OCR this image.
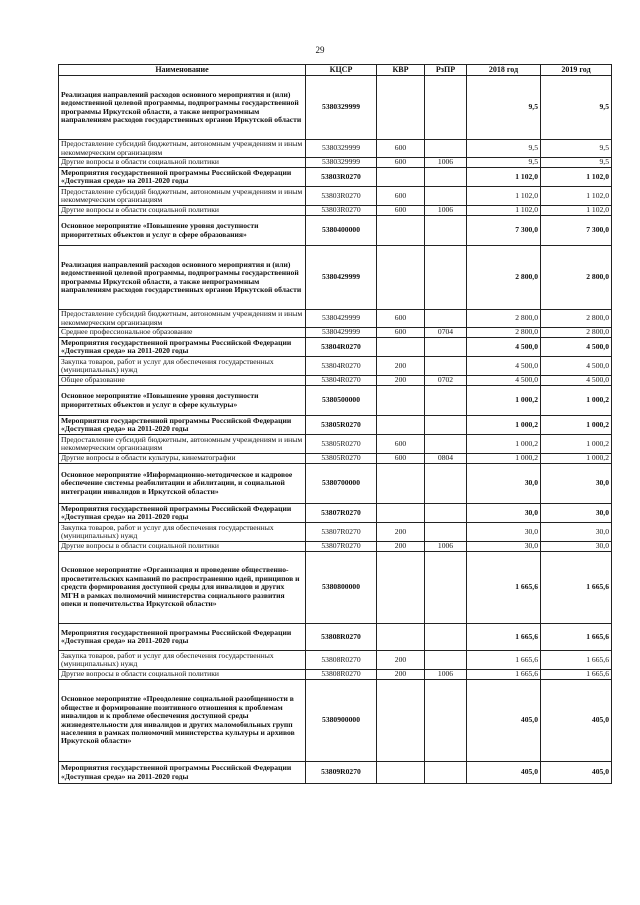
29
Наименование	КЦСР	КВР	РзПР	2018 год	2019 год
Реализация направлений расходов основного мероприятия и (или) ведомственной целевой программы, подпрограммы государственной программы Иркутской области, а также непрограммным направлениям расходов государственных органов Иркутской области	5380329999			9,5	9,5
Предоставление субсидий бюджетным, автономным учреждениям и иным некоммерческим организациям	5380329999	600		9,5	9,5
Другие вопросы в области социальной политики	5380329999	600	1006	9,5	9,5
Мероприятия государственной программы Российской Федерации «Доступная среда» на 2011-2020 годы	53803R0270			1 102,0	1 102,0
Предоставление субсидий бюджетным, автономным учреждениям и иным некоммерческим организациям	53803R0270	600		1 102,0	1 102,0
Другие вопросы в области социальной политики	53803R0270	600	1006	1 102,0	1 102,0
Основное мероприятие «Повышение уровня доступности приоритетных объектов и услуг в сфере образования»	5380400000			7 300,0	7 300,0
Реализация направлений расходов основного мероприятия и (или) ведомственной целевой программы, подпрограммы государственной программы Иркутской области, а также непрограммным направлениям расходов государственных органов Иркутской области	5380429999			2 800,0	2 800,0
Предоставление субсидий бюджетным, автономным учреждениям и иным некоммерческим организациям	5380429999	600		2 800,0	2 800,0
Среднее профессиональное образование	5380429999	600	0704	2 800,0	2 800,0
Мероприятия государственной программы Российской Федерации «Доступная среда» на 2011-2020 годы	53804R0270			4 500,0	4 500,0
Закупка товаров, работ и услуг для обеспечения государственных (муниципальных) нужд	53804R0270	200		4 500,0	4 500,0
Общее образование	53804R0270	200	0702	4 500,0	4 500,0
Основное мероприятие «Повышение уровня доступности приоритетных объектов и услуг в сфере культуры»	5380500000			1 000,2	1 000,2
Мероприятия государственной программы Российской Федерации «Доступная среда» на 2011-2020 годы	53805R0270			1 000,2	1 000,2
Предоставление субсидий бюджетным, автономным учреждениям и иным некоммерческим организациям	53805R0270	600		1 000,2	1 000,2
Другие вопросы в области культуры, кинематографии	53805R0270	600	0804	1 000,2	1 000,2
Основное мероприятие «Информационно-методическое и кадровое обеспечение системы реабилитации и абилитации, и социальной интеграции инвалидов в Иркутской области»	5380700000			30,0	30,0
Мероприятия государственной программы Российской Федерации «Доступная среда» на 2011-2020 годы	53807R0270			30,0	30,0
Закупка товаров, работ и услуг для обеспечения государственных (муниципальных) нужд	53807R0270	200		30,0	30,0
Другие вопросы в области социальной политики	53807R0270	200	1006	30,0	30,0
Основное мероприятие «Организация и проведение общественно-просветительских кампаний по распространению идей, принципов и средств формирования доступной среды для инвалидов и других МГН в рамках полномочий министерства социального развития опеки и попечительства Иркутской области»	5380800000			1 665,6	1 665,6
Мероприятия государственной программы Российской Федерации «Доступная среда» на 2011-2020 годы	53808R0270			1 665,6	1 665,6
Закупка товаров, работ и услуг для обеспечения государственных (муниципальных) нужд	53808R0270	200		1 665,6	1 665,6
Другие вопросы в области социальной политики	53808R0270	200	1006	1 665,6	1 665,6
Основное мероприятие «Преодоление социальной разобщенности в обществе и формирование позитивного отношения к проблемам инвалидов и к проблеме обеспечения доступной среды жизнедеятельности для инвалидов и других маломобильных групп населения в рамках полномочий министерства культуры и архивов Иркутской области»	5380900000			405,0	405,0
Мероприятия государственной программы Российской Федерации «Доступная среда» на 2011-2020 годы	53809R0270			405,0	405,0
